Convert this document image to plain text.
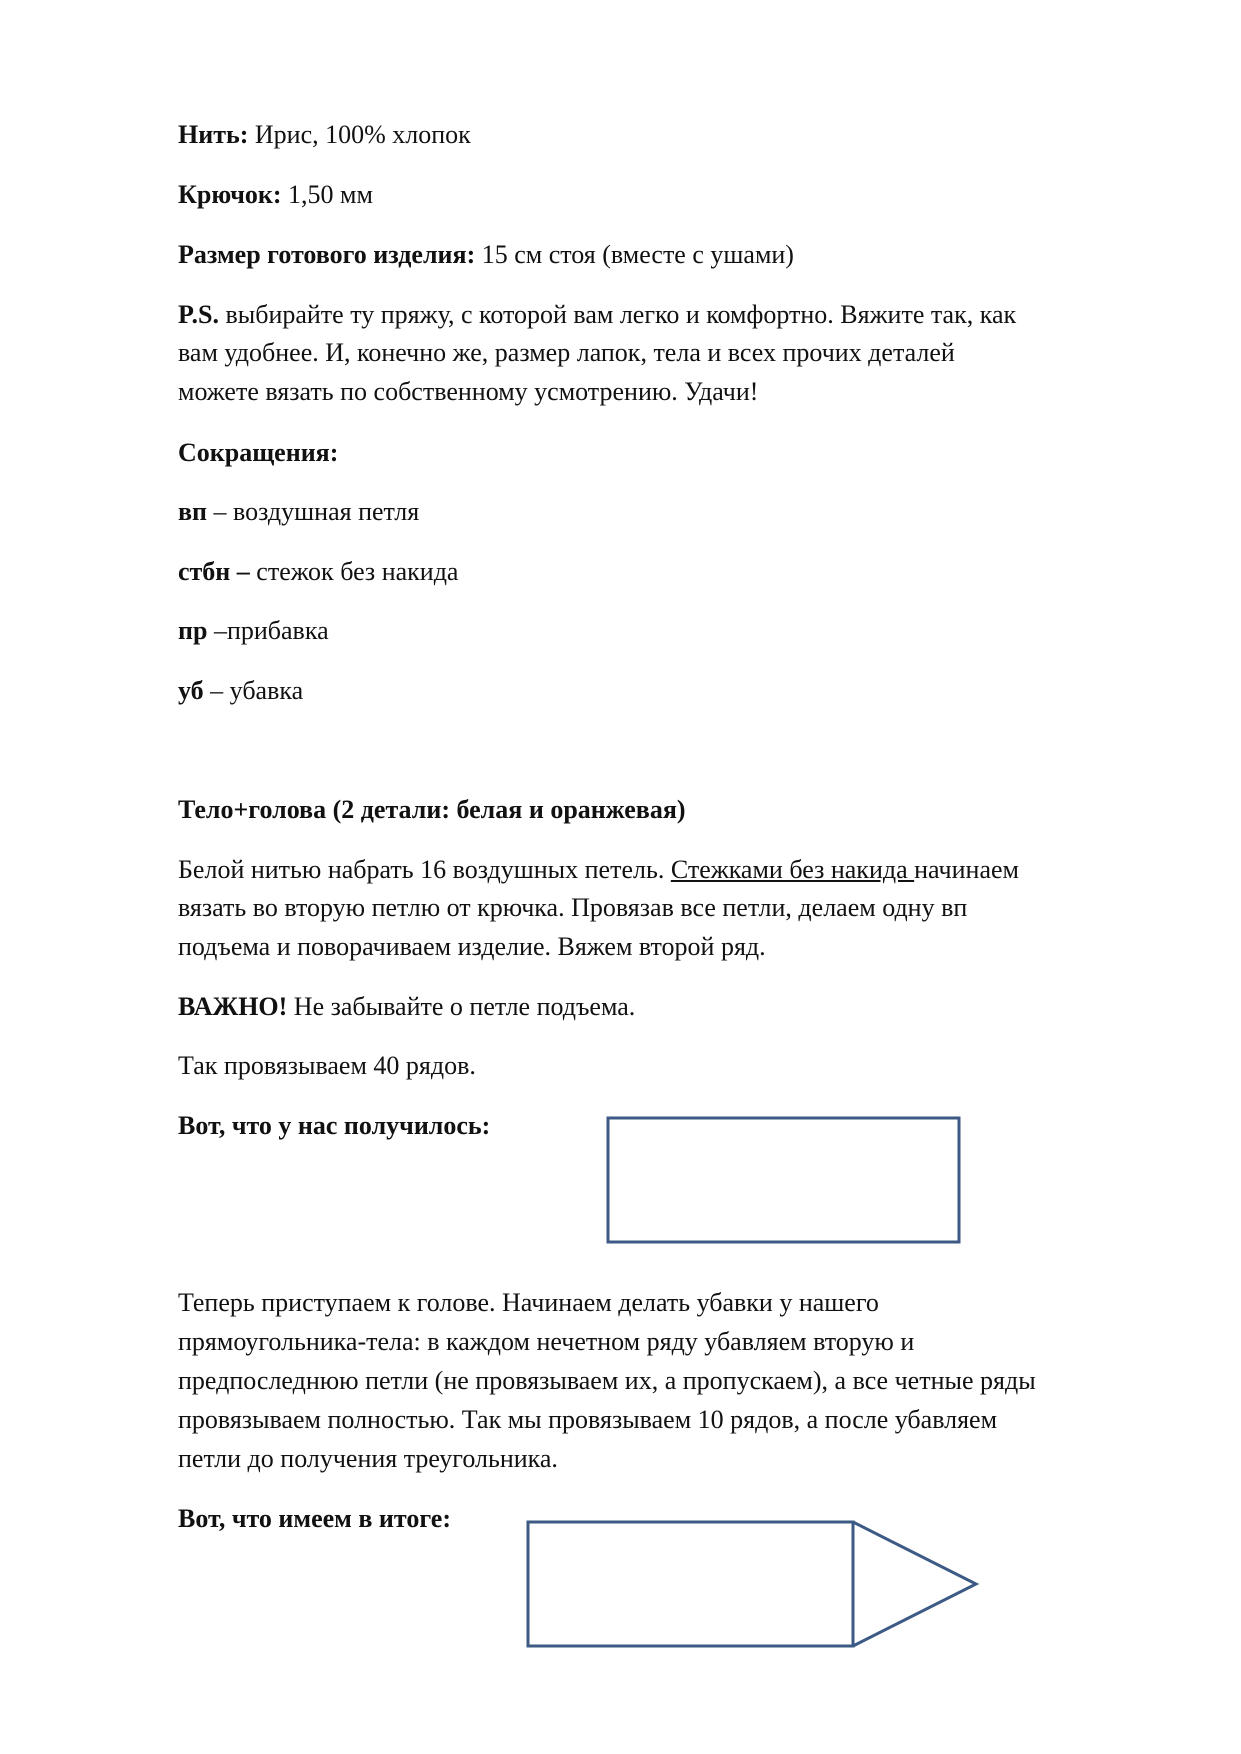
Нить: Ирис, 100% хлопок
Крючок: 1,50 мм
Размер готового изделия: 15 см стоя (вместе с ушами)
P.S. выбирайте ту пряжу, с которой вам легко и комфортно. Вяжите так, как
вам удобнее. И, конечно же, размер лапок, тела и всех прочих деталей
можете вязать по собственному усмотрению. Удачи!
Сокращения:
вп – воздушная петля
стбн – стежок без накида
пр –прибавка
уб – убавка
Тело+голова (2 детали: белая и оранжевая)
Белой нитью набрать 16 воздушных петель. Стежками без накида начинаем
вязать во вторую петлю от крючка. Провязав все петли, делаем одну вп
подъема и поворачиваем изделие. Вяжем второй ряд.
ВАЖНО! Не забывайте о петле подъема.
Так провязываем 40 рядов.
Вот, что у нас получилось:
Теперь приступаем к голове. Начинаем делать убавки у нашего
прямоугольника-тела: в каждом нечетном ряду убавляем вторую и
предпоследнюю петли (не провязываем их, а пропускаем), а все четные ряды
провязываем полностью. Так мы провязываем 10 рядов, а после убавляем
петли до получения треугольника.
Вот, что имеем в итоге:
